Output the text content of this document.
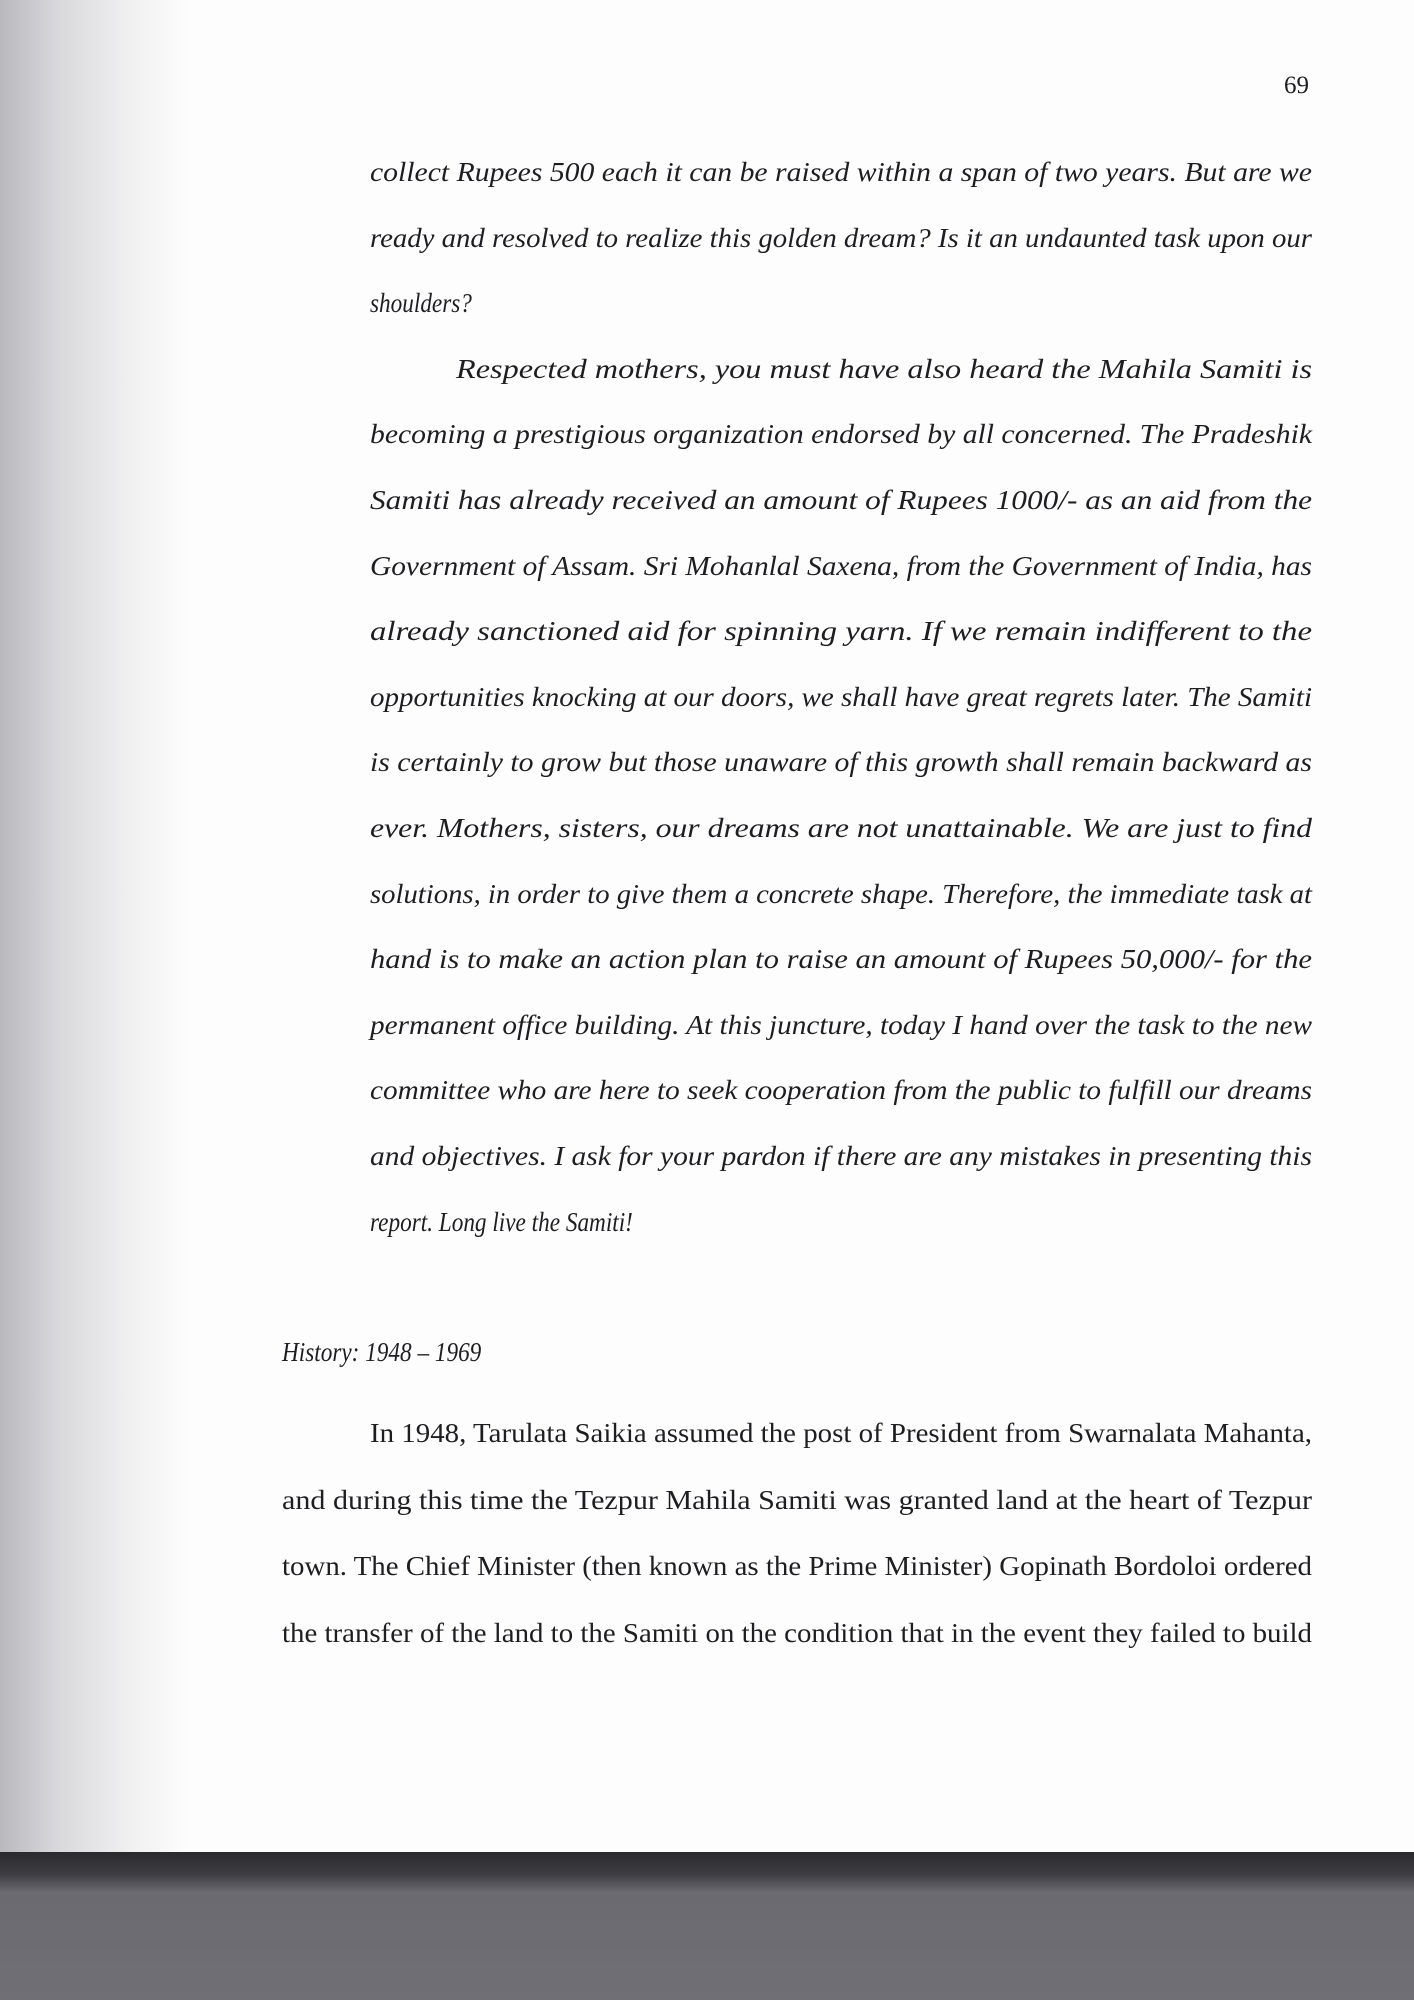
69
collect Rupees 500 each it can be raised within a span of two years. But are we
ready and resolved to realize this golden dream? Is it an undaunted task upon our
shoulders?
Respected mothers, you must have also heard the Mahila Samiti is
becoming a prestigious organization endorsed by all concerned. The Pradeshik
Samiti has already received an amount of Rupees 1000/- as an aid from the
Government of Assam. Sri Mohanlal Saxena, from the Government of India, has
already sanctioned aid for spinning yarn. If we remain indifferent to the
opportunities knocking at our doors, we shall have great regrets later. The Samiti
is certainly to grow but those unaware of this growth shall remain backward as
ever. Mothers, sisters, our dreams are not unattainable. We are just to find
solutions, in order to give them a concrete shape. Therefore, the immediate task at
hand is to make an action plan to raise an amount of Rupees 50,000/- for the
permanent office building. At this juncture, today I hand over the task to the new
committee who are here to seek cooperation from the public to fulfill our dreams
and objectives. I ask for your pardon if there are any mistakes in presenting this
report. Long live the Samiti!
History: 1948 – 1969
In 1948, Tarulata Saikia assumed the post of President from Swarnalata Mahanta,
and during this time the Tezpur Mahila Samiti was granted land at the heart of Tezpur
town. The Chief Minister (then known as the Prime Minister) Gopinath Bordoloi ordered
the transfer of the land to the Samiti on the condition that in the event they failed to build
